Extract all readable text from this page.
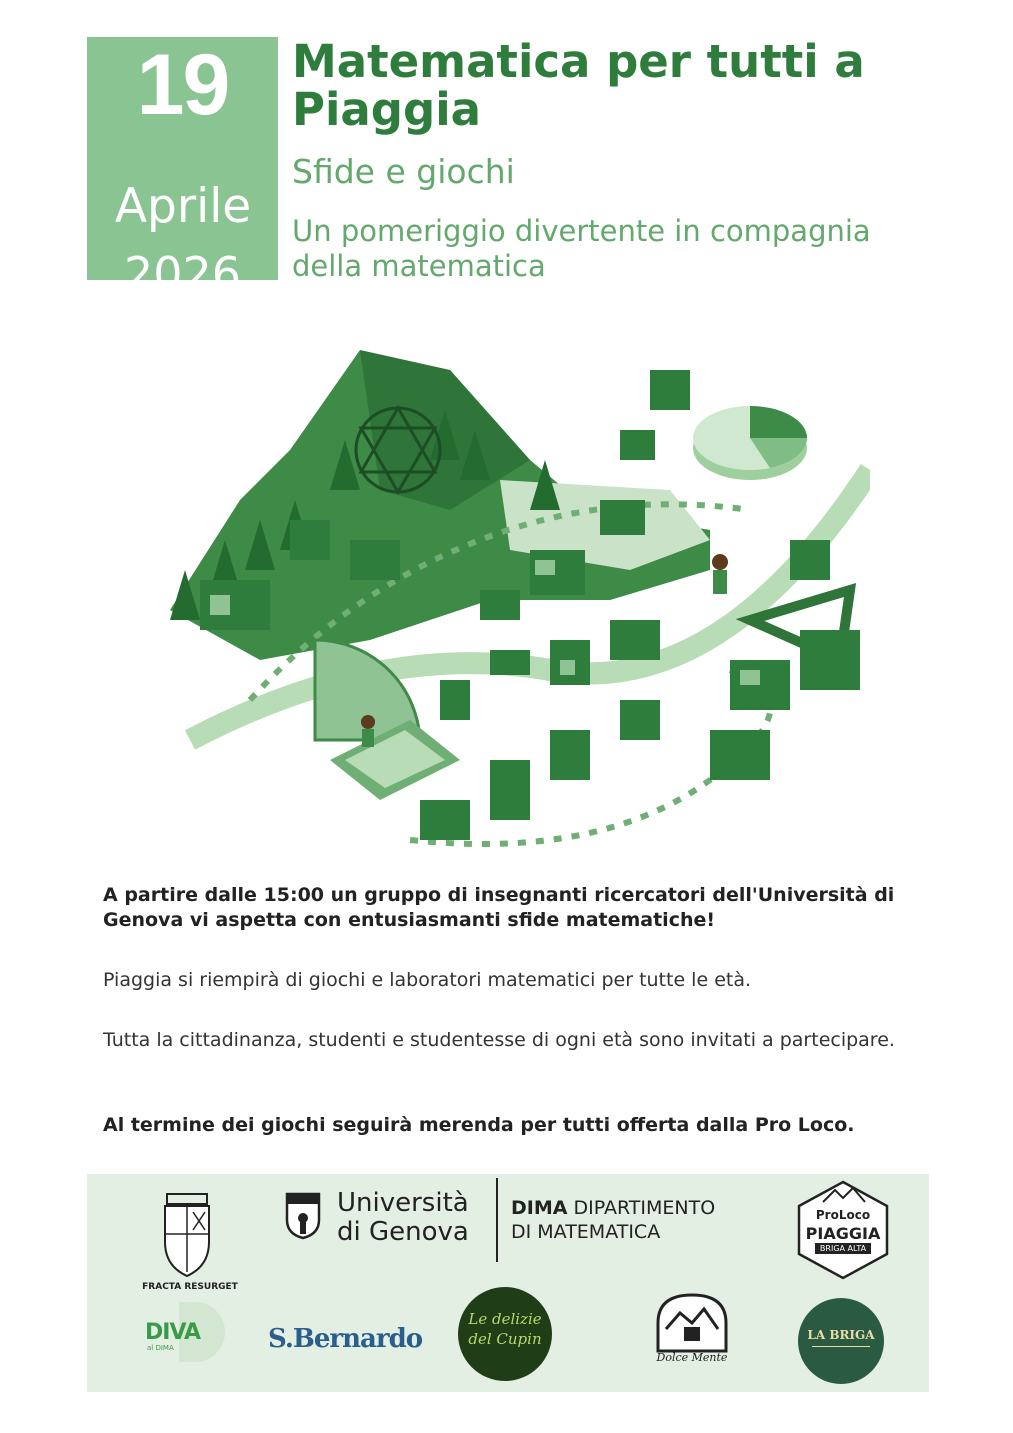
19
Aprile
2026
Matematica per tutti a Piaggia
Sfide e giochi
Un pomeriggio divertente in compagnia della matematica

A partire dalle 15:00 un gruppo di insegnanti ricercatori dell'Università di Genova vi aspetta con entusiasmanti sfide matematiche!

Piaggia si riempirà di giochi e laboratori matematici per tutte le età.

Tutta la cittadinanza, studenti e studentesse di ogni età sono invitati a partecipare.

Al termine dei giochi seguirà merenda per tutti offerta dalla Pro Loco.

FRACTA RESURGET
Università
di Genova
DIMA DIPARTIMENTO
DI MATEMATICA
ProLoco
PIAGGIA
BRIGA ALTA
DIVA
al DIMA	S.Bernardo
Le delizie
del Cupin
Dolce Mente
LA BRIGA
